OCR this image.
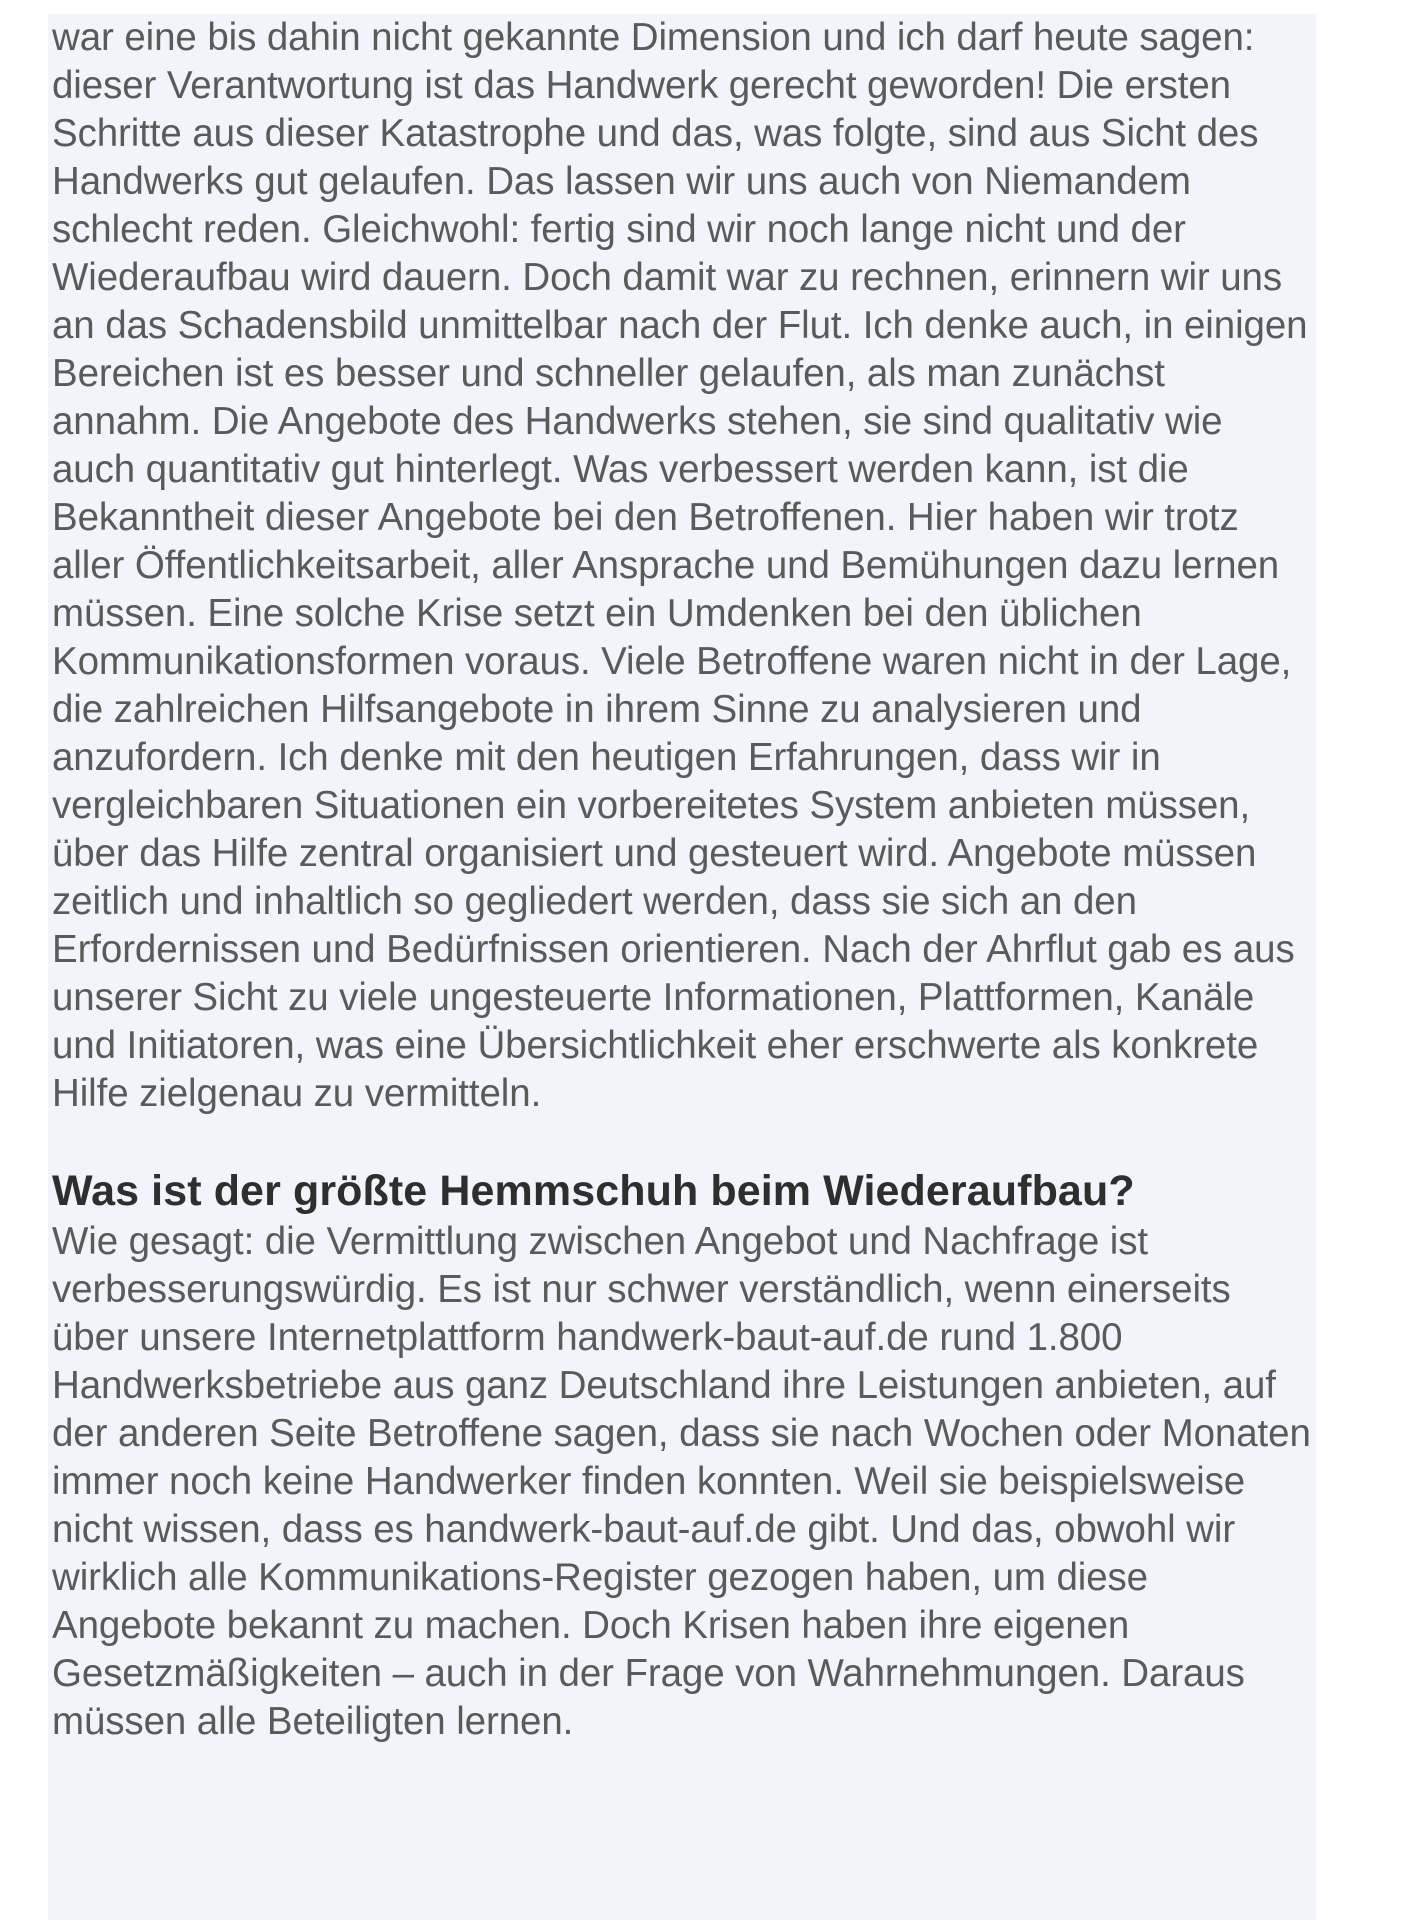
war eine bis dahin nicht gekannte Dimension und ich darf heute sagen: dieser Verantwortung ist das Handwerk gerecht geworden! Die ersten Schritte aus dieser Katastrophe und das, was folgte, sind aus Sicht des Handwerks gut gelaufen. Das lassen wir uns auch von Niemandem schlecht reden. Gleichwohl: fertig sind wir noch lange nicht und der Wiederaufbau wird dauern. Doch damit war zu rechnen, erinnern wir uns an das Schadensbild unmittelbar nach der Flut. Ich denke auch, in einigen Bereichen ist es besser und schneller gelaufen, als man zunächst annahm. Die Angebote des Handwerks stehen, sie sind qualitativ wie auch quantitativ gut hinterlegt. Was verbessert werden kann, ist die Bekanntheit dieser Angebote bei den Betroffenen. Hier haben wir trotz aller Öffentlichkeitsarbeit, aller Ansprache und Bemühungen dazu lernen müssen. Eine solche Krise setzt ein Umdenken bei den üblichen Kommunikationsformen voraus. Viele Betroffene waren nicht in der Lage, die zahlreichen Hilfsangebote in ihrem Sinne zu analysieren und anzufordern. Ich denke mit den heutigen Erfahrungen, dass wir in vergleichbaren Situationen ein vorbereitetes System anbieten müssen, über das Hilfe zentral organisiert und gesteuert wird. Angebote müssen zeitlich und inhaltlich so gegliedert werden, dass sie sich an den Erfordernissen und Bedürfnissen orientieren. Nach der Ahrflut gab es aus unserer Sicht zu viele ungesteuerte Informationen, Plattformen, Kanäle und Initiatoren, was eine Übersichtlichkeit eher erschwerte als konkrete Hilfe zielgenau zu vermitteln.

Was ist der größte Hemmschuh beim Wiederaufbau?

Wie gesagt: die Vermittlung zwischen Angebot und Nachfrage ist verbesserungswürdig. Es ist nur schwer verständlich, wenn einerseits über unsere Internetplattform handwerk-baut-auf.de rund 1.800 Handwerksbetriebe aus ganz Deutschland ihre Leistungen anbieten, auf der anderen Seite Betroffene sagen, dass sie nach Wochen oder Monaten immer noch keine Handwerker finden konnten. Weil sie beispielsweise nicht wissen, dass es handwerk-baut-auf.de gibt. Und das, obwohl wir wirklich alle Kommunikations-Register gezogen haben, um diese Angebote bekannt zu machen. Doch Krisen haben ihre eigenen Gesetzmäßigkeiten – auch in der Frage von Wahrnehmungen. Daraus müssen alle Beteiligten lernen.
